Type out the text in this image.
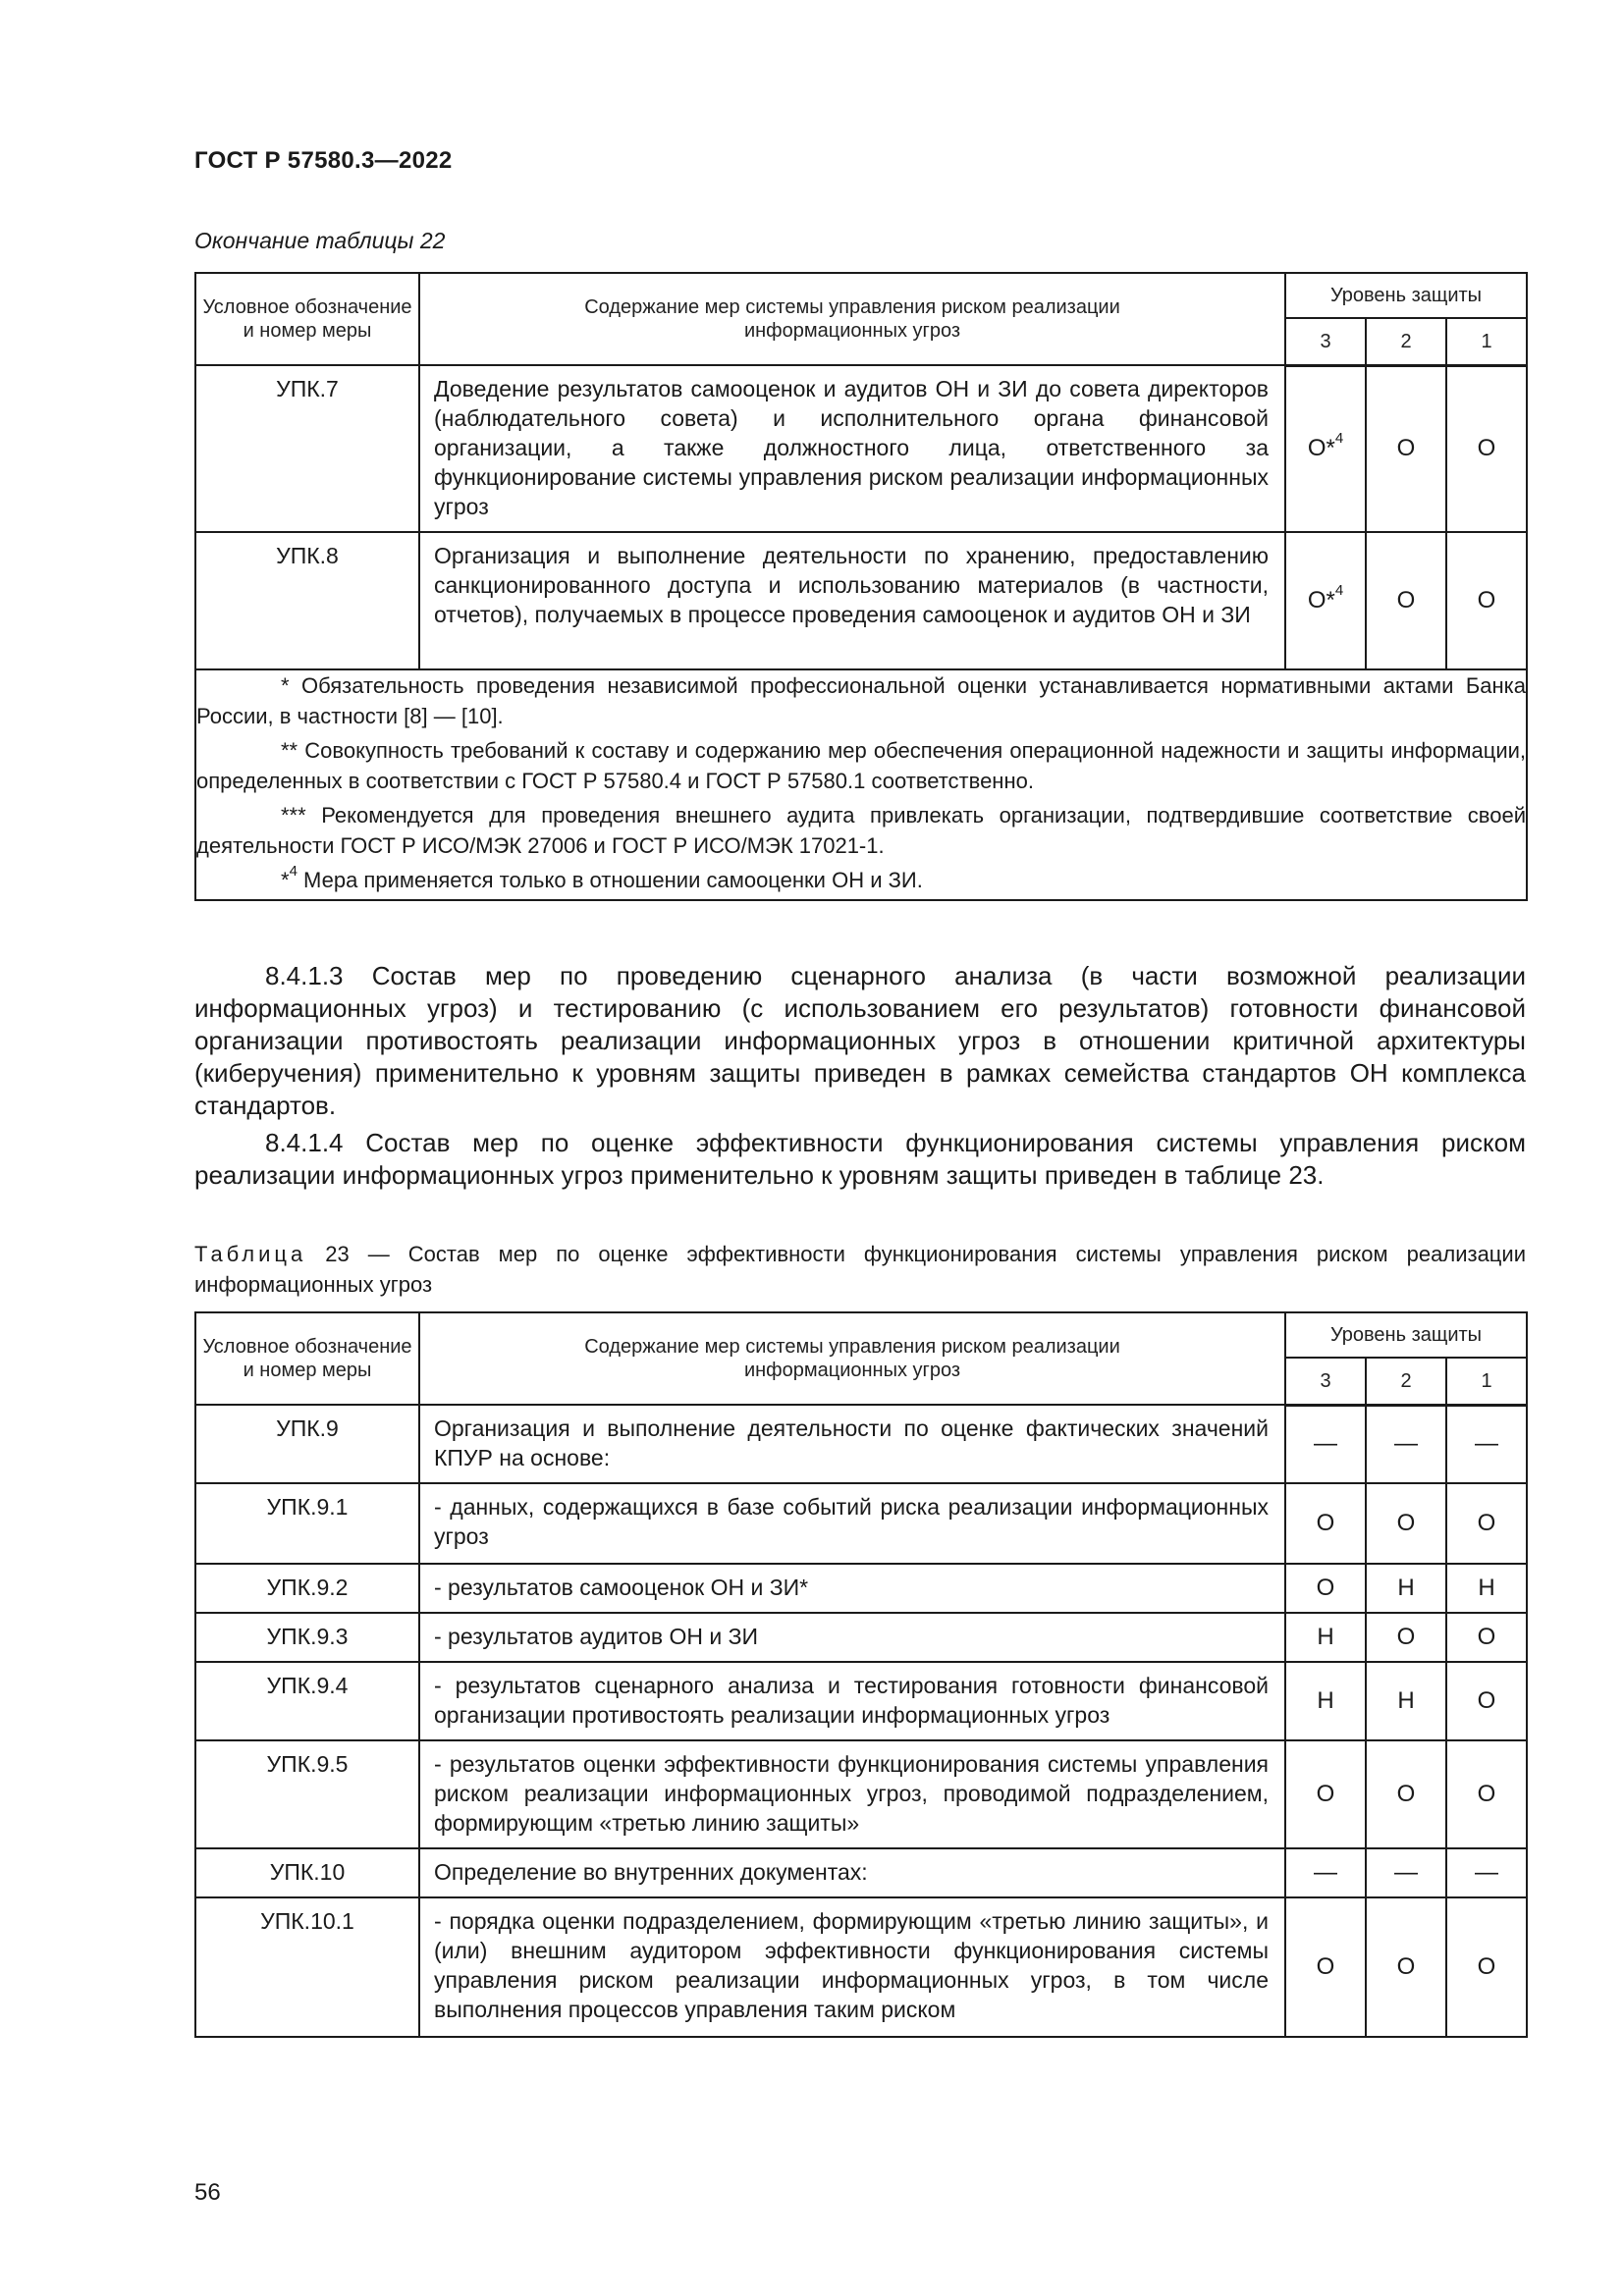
ГОСТ Р 57580.3—2022
Окончание таблицы 22
Условное обозначение и номер меры	Содержание мер системы управления риском реализации информационных угроз	Уровень защиты		
		3	2	1
УПК.7	Доведение результатов самооценок и аудитов ОН и ЗИ до совета директоров (наблюдательного совета) и исполнительного органа финансовой организации, а также должностного лица, ответственного за функционирование системы управления риском реализации информационных угроз	О*$^4$	О	О
УПК.8	Организация и выполнение деятельности по хранению, предоставлению санкционированного доступа и использованию материалов (в частности, отчетов), получаемых в процессе проведения самооценок и аудитов ОН и ЗИ	О*$^4$	О	О

* Обязательность проведения независимой профессиональной оценки устанавливается нормативными актами Банка России, в частности [8] — [10].
** Совокупность требований к составу и содержанию мер обеспечения операционной надежности и защиты информации, определенных в соответствии с ГОСТ Р 57580.4 и ГОСТ Р 57580.1 соответственно.
*** Рекомендуется для проведения внешнего аудита привлекать организации, подтвердившие соответствие своей деятельности ГОСТ Р ИСО/МЭК 27006 и ГОСТ Р ИСО/МЭК 17021-1.
*$^4$ Мера применяется только в отношении самооценки ОН и ЗИ.				
8.4.1.3 Состав мер по проведению сценарного анализа (в части возможной реализации информационных угроз) и тестированию (с использованием его результатов) готовности финансовой организации противостоять реализации информационных угроз в отношении критичной архитектуры (киберучения) применительно к уровням защиты приведен в рамках семейства стандартов ОН комплекса стандартов.
8.4.1.4 Состав мер по оценке эффективности функционирования системы управления риском реализации информационных угроз применительно к уровням защиты приведен в таблице 23.
Таблица 23 — Состав мер по оценке эффективности функционирования системы управления риском реализации информационных угроз
Условное обозначение и номер меры	Содержание мер системы управления риском реализации информационных угроз	Уровень защиты		
		3	2	1
УПК.9	Организация и выполнение деятельности по оценке фактических значений КПУР на основе:	—	—	—
УПК.9.1	- данных, содержащихся в базе событий риска реализации информационных угроз	О	О	О
УПК.9.2	- результатов самооценок ОН и ЗИ*	О	Н	Н
УПК.9.3	- результатов аудитов ОН и ЗИ	Н	О	О
УПК.9.4	- результатов сценарного анализа и тестирования готовности финансовой организации противостоять реализации информационных угроз	Н	Н	О
УПК.9.5	- результатов оценки эффективности функционирования системы управления риском реализации информационных угроз, проводимой подразделением, формирующим «третью линию защиты»	О	О	О
УПК.10	Определение во внутренних документах:	—	—	—
УПК.10.1	- порядка оценки подразделением, формирующим «третью линию защиты», и (или) внешним аудитором эффективности функционирования системы управления риском реализации информационных угроз, в том числе выполнения процессов управления таким риском	О	О	О
56
